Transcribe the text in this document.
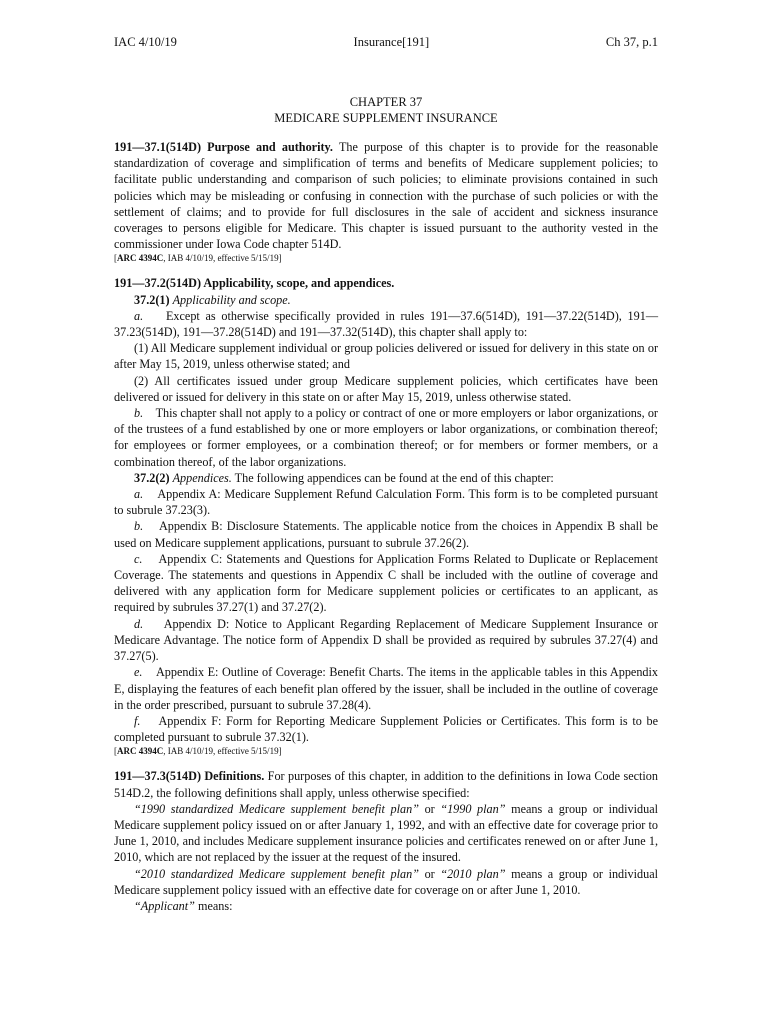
IAC 4/10/19	Insurance[191]	Ch 37, p.1
CHAPTER 37
MEDICARE SUPPLEMENT INSURANCE

191—37.1(514D) Purpose and authority. The purpose of this chapter is to provide for the reasonable standardization of coverage and simplification of terms and benefits of Medicare supplement policies; to facilitate public understanding and comparison of such policies; to eliminate provisions contained in such policies which may be misleading or confusing in connection with the purchase of such policies or with the settlement of claims; and to provide for full disclosures in the sale of accident and sickness insurance coverages to persons eligible for Medicare. This chapter is issued pursuant to the authority vested in the commissioner under Iowa Code chapter 514D.

[ARC 4394C, IAB 4/10/19, effective 5/15/19]

191—37.2(514D) Applicability, scope, and appendices.

37.2(1) Applicability and scope.

a. Except as otherwise specifically provided in rules 191—37.6(514D), 191—37.22(514D), 191—37.23(514D), 191—37.28(514D) and 191—37.32(514D), this chapter shall apply to:

(1) All Medicare supplement individual or group policies delivered or issued for delivery in this state on or after May 15, 2019, unless otherwise stated; and

(2) All certificates issued under group Medicare supplement policies, which certificates have been delivered or issued for delivery in this state on or after May 15, 2019, unless otherwise stated.

b. This chapter shall not apply to a policy or contract of one or more employers or labor organizations, or of the trustees of a fund established by one or more employers or labor organizations, or combination thereof; for employees or former employees, or a combination thereof; or for members or former members, or a combination thereof, of the labor organizations.

37.2(2) Appendices. The following appendices can be found at the end of this chapter:

a. Appendix A: Medicare Supplement Refund Calculation Form. This form is to be completed pursuant to subrule 37.23(3).

b. Appendix B: Disclosure Statements. The applicable notice from the choices in Appendix B shall be used on Medicare supplement applications, pursuant to subrule 37.26(2).

c. Appendix C: Statements and Questions for Application Forms Related to Duplicate or Replacement Coverage. The statements and questions in Appendix C shall be included with the outline of coverage and delivered with any application form for Medicare supplement policies or certificates to an applicant, as required by subrules 37.27(1) and 37.27(2).

d. Appendix D: Notice to Applicant Regarding Replacement of Medicare Supplement Insurance or Medicare Advantage. The notice form of Appendix D shall be provided as required by subrules 37.27(4) and 37.27(5).

e. Appendix E: Outline of Coverage: Benefit Charts. The items in the applicable tables in this Appendix E, displaying the features of each benefit plan offered by the issuer, shall be included in the outline of coverage in the order prescribed, pursuant to subrule 37.28(4).

f. Appendix F: Form for Reporting Medicare Supplement Policies or Certificates. This form is to be completed pursuant to subrule 37.32(1).

[ARC 4394C, IAB 4/10/19, effective 5/15/19]

191—37.3(514D) Definitions. For purposes of this chapter, in addition to the definitions in Iowa Code section 514D.2, the following definitions shall apply, unless otherwise specified:

“1990 standardized Medicare supplement benefit plan” or “1990 plan” means a group or individual Medicare supplement policy issued on or after January 1, 1992, and with an effective date for coverage prior to June 1, 2010, and includes Medicare supplement insurance policies and certificates renewed on or after June 1, 2010, which are not replaced by the issuer at the request of the insured.

“2010 standardized Medicare supplement benefit plan” or “2010 plan” means a group or individual Medicare supplement policy issued with an effective date for coverage on or after June 1, 2010.

“Applicant” means:
